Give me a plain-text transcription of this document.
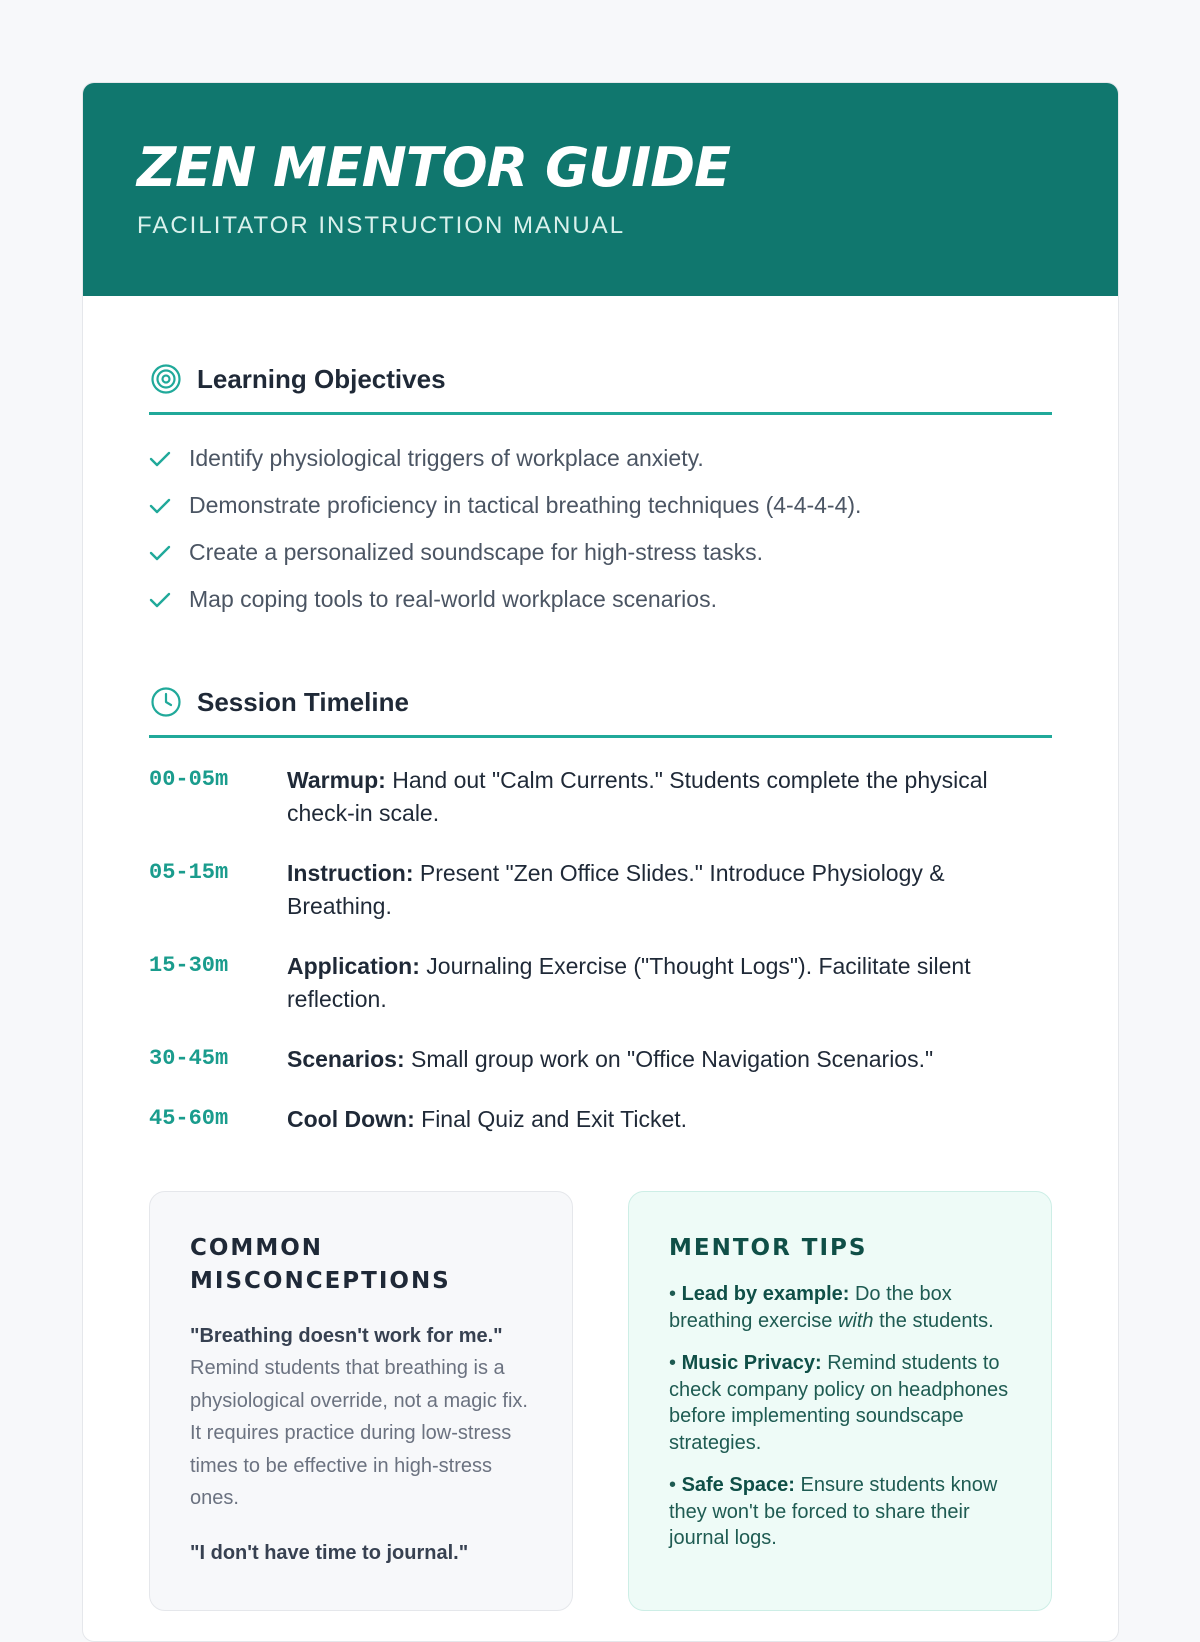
ZEN MENTOR GUIDE
FACILITATOR INSTRUCTION MANUAL
Learning Objectives
Identify physiological triggers of workplace anxiety.
Demonstrate proficiency in tactical breathing techniques (4-4-4-4).
Create a personalized soundscape for high-stress tasks.
Map coping tools to real-world workplace scenarios.
Session Timeline
00-05m	Warmup: Hand out "Calm Currents." Students complete the physical check-in scale.
05-15m	Instruction: Present "Zen Office Slides." Introduce Physiology & Breathing.
15-30m	Application: Journaling Exercise ("Thought Logs"). Facilitate silent reflection.
30-45m	Scenarios: Small group work on "Office Navigation Scenarios."
45-60m	Cool Down: Final Quiz and Exit Ticket.
COMMON
MISCONCEPTIONS
"Breathing doesn't work for me."
Remind students that breathing is a physiological override, not a magic fix. It requires practice during low-stress times to be effective in high-stress ones.
"I don't have time to journal."
MENTOR TIPS
• Lead by example: Do the box breathing exercise with the students.
• Music Privacy: Remind students to check company policy on headphones before implementing soundscape strategies.
• Safe Space: Ensure students know they won't be forced to share their journal logs.
